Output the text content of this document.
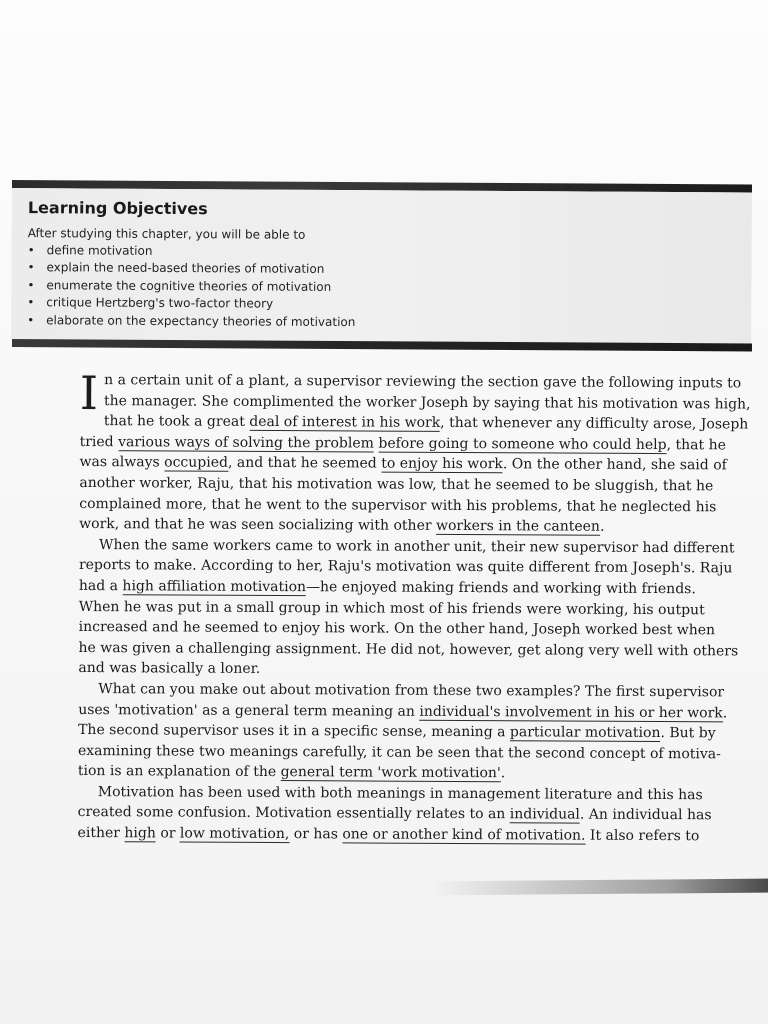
Learning Objectives
After studying this chapter, you will be able to
• define motivation
• explain the need-based theories of motivation
• enumerate the cognitive theories of motivation
• critique Hertzberg's two-factor theory
• elaborate on the expectancy theories of motivation
I n a certain unit of a plant, a supervisor reviewing the section gave the following inputs to
the manager. She complimented the worker Joseph by saying that his motivation was high,
that he took a great deal of interest in his work, that whenever any difficulty arose, Joseph
tried various ways of solving the problem before going to someone who could help, that he
was always occupied, and that he seemed to enjoy his work. On the other hand, she said of
another worker, Raju, that his motivation was low, that he seemed to be sluggish, that he
complained more, that he went to the supervisor with his problems, that he neglected his
work, and that he was seen socializing with other workers in the canteen.
When the same workers came to work in another unit, their new supervisor had different
reports to make. According to her, Raju's motivation was quite different from Joseph's. Raju
had a high affiliation motivation—he enjoyed making friends and working with friends.
When he was put in a small group in which most of his friends were working, his output
increased and he seemed to enjoy his work. On the other hand, Joseph worked best when
he was given a challenging assignment. He did not, however, get along very well with others
and was basically a loner.
What can you make out about motivation from these two examples? The first supervisor
uses 'motivation' as a general term meaning an individual's involvement in his or her work.
The second supervisor uses it in a specific sense, meaning a particular motivation. But by
examining these two meanings carefully, it can be seen that the second concept of motiva-
tion is an explanation of the general term 'work motivation'.
Motivation has been used with both meanings in management literature and this has
created some confusion. Motivation essentially relates to an individual. An individual has
either high or low motivation, or has one or another kind of motivation. It also refers to
